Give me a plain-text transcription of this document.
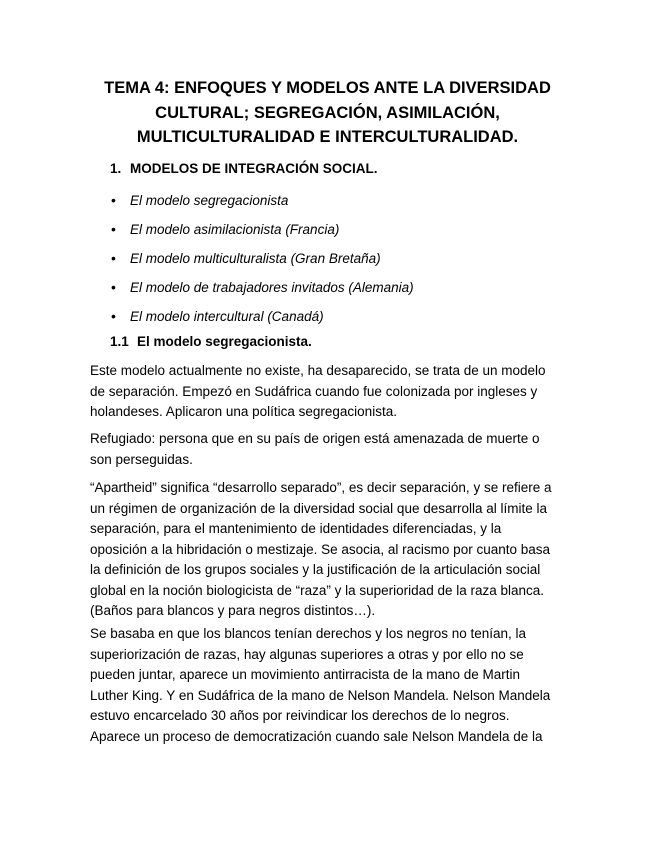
TEMA 4: ENFOQUES Y MODELOS ANTE LA DIVERSIDAD
CULTURAL; SEGREGACIÓN, ASIMILACIÓN,
MULTICULTURALIDAD E INTERCULTURALIDAD.
1. MODELOS DE INTEGRACIÓN SOCIAL.
• El modelo segregacionista
• El modelo asimilacionista (Francia)
• El modelo multiculturalista (Gran Bretaña)
• El modelo de trabajadores invitados (Alemania)
• El modelo intercultural (Canadá)
1.1 El modelo segregacionista.
Este modelo actualmente no existe, ha desaparecido, se trata de un modelo
de separación. Empezó en Sudáfrica cuando fue colonizada por ingleses y
holandeses. Aplicaron una política segregacionista.
Refugiado: persona que en su país de origen está amenazada de muerte o
son perseguidas.
“Apartheid” significa “desarrollo separado”, es decir separación, y se refiere a
un régimen de organización de la diversidad social que desarrolla al límite la
separación, para el mantenimiento de identidades diferenciadas, y la
oposición a la hibridación o mestizaje. Se asocia, al racismo por cuanto basa
la definición de los grupos sociales y la justificación de la articulación social
global en la noción biologicista de “raza” y la superioridad de la raza blanca.
(Baños para blancos y para negros distintos…).
Se basaba en que los blancos tenían derechos y los negros no tenían, la
superiorización de razas, hay algunas superiores a otras y por ello no se
pueden juntar, aparece un movimiento antirracista de la mano de Martin
Luther King. Y en Sudáfrica de la mano de Nelson Mandela. Nelson Mandela
estuvo encarcelado 30 años por reivindicar los derechos de lo negros.
Aparece un proceso de democratización cuando sale Nelson Mandela de la
